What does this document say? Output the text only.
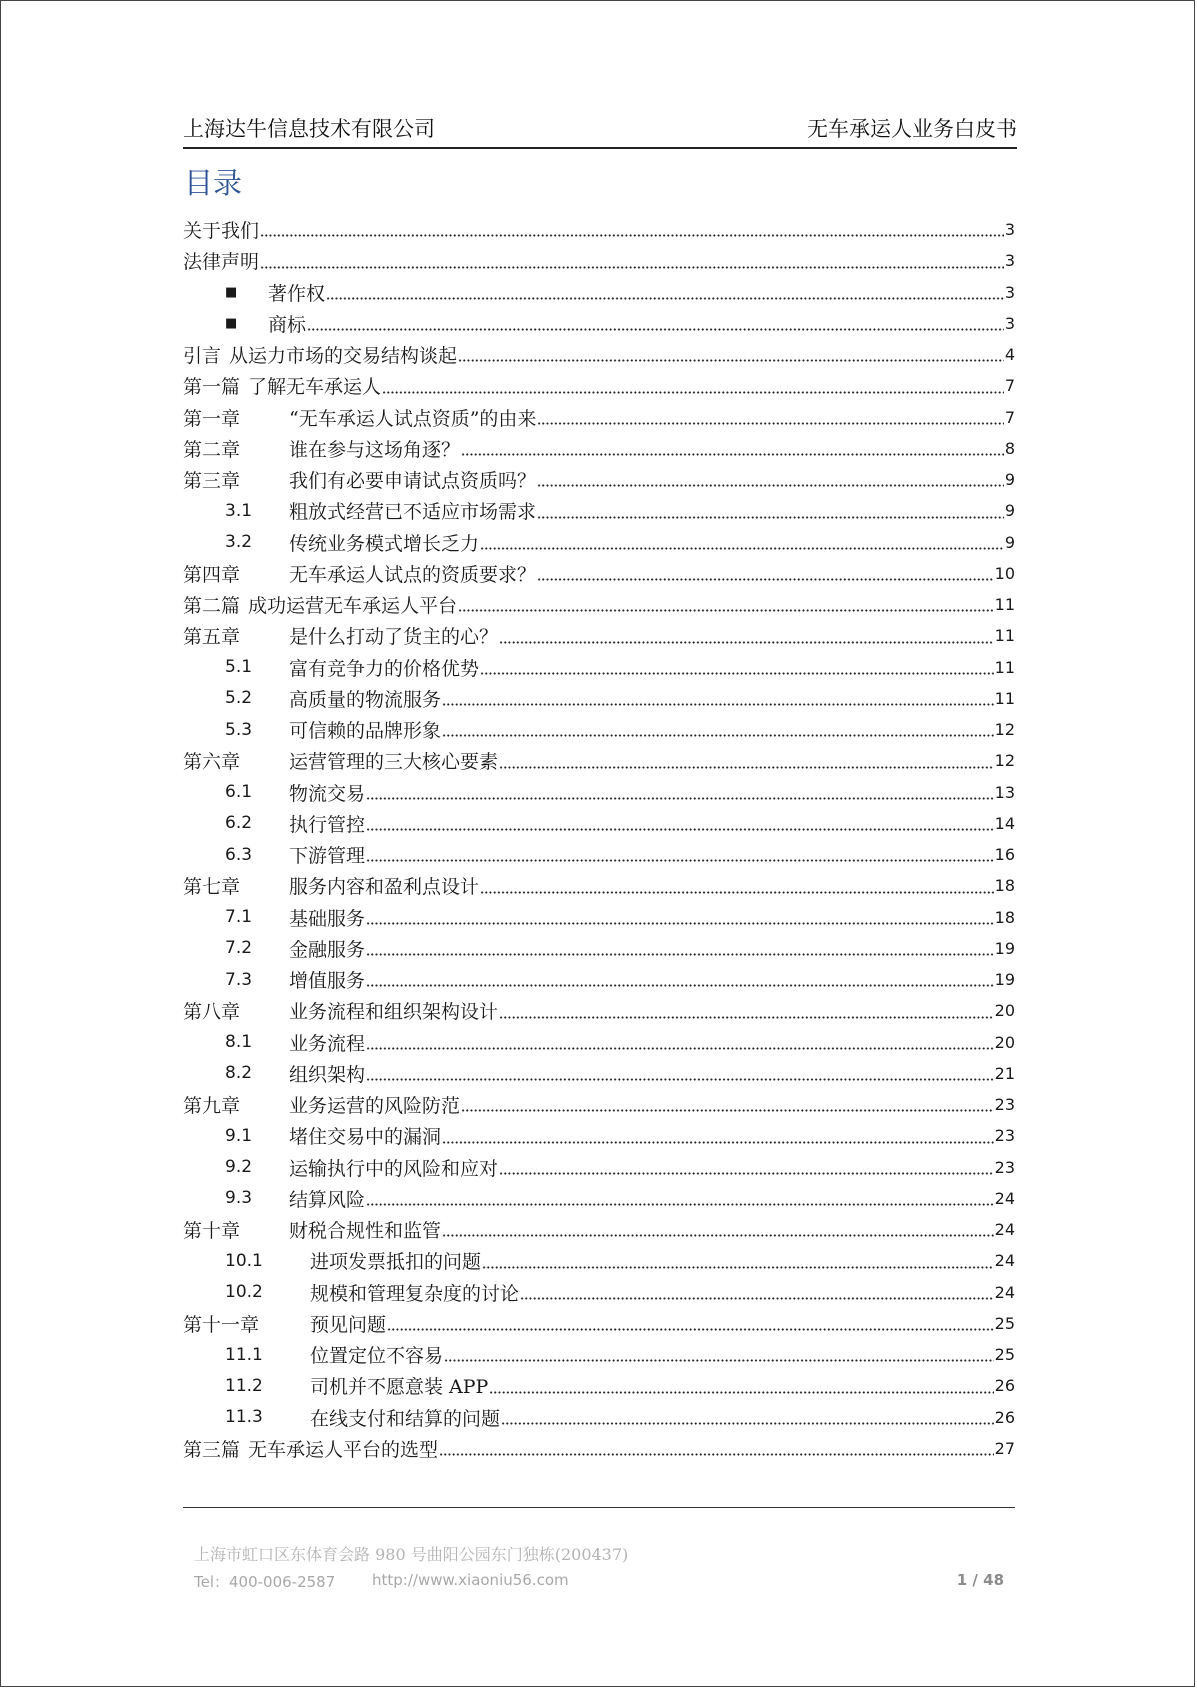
上海达牛信息技术有限公司	无车承运人业务白皮书
目录
关于我们	3
法律声明	3
■	著作权	3
■	商标	3
引言 从运力市场的交易结构谈起	4
第一篇 了解无车承运人	7
第一章	“无车承运人试点资质”的由来	7
第二章	谁在参与这场角逐？	8
第三章	我们有必要申请试点资质吗？	9
3.1	粗放式经营已不适应市场需求	9
3.2	传统业务模式增长乏力	9
第四章	无车承运人试点的资质要求？	10
第二篇 成功运营无车承运人平台	11
第五章	是什么打动了货主的心？	11
5.1	富有竞争力的价格优势	11
5.2	高质量的物流服务	11
5.3	可信赖的品牌形象	12
第六章	运营管理的三大核心要素	12
6.1	物流交易	13
6.2	执行管控	14
6.3	下游管理	16
第七章	服务内容和盈利点设计	18
7.1	基础服务	18
7.2	金融服务	19
7.3	增值服务	19
第八章	业务流程和组织架构设计	20
8.1	业务流程	20
8.2	组织架构	21
第九章	业务运营的风险防范	23
9.1	堵住交易中的漏洞	23
9.2	运输执行中的风险和应对	23
9.3	结算风险	24
第十章	财税合规性和监管	24
10.1	进项发票抵扣的问题	24
10.2	规模和管理复杂度的讨论	24
第十一章	预见问题	25
11.1	位置定位不容易	25
11.2	司机并不愿意装 APP	26
11.3	在线支付和结算的问题	26
第三篇 无车承运人平台的选型	27
上海市虹口区东体育会路 980 号曲阳公园东门独栋(200437)
Tel：400-006-2587 http://www.xiaoniu56.com	1 / 48
